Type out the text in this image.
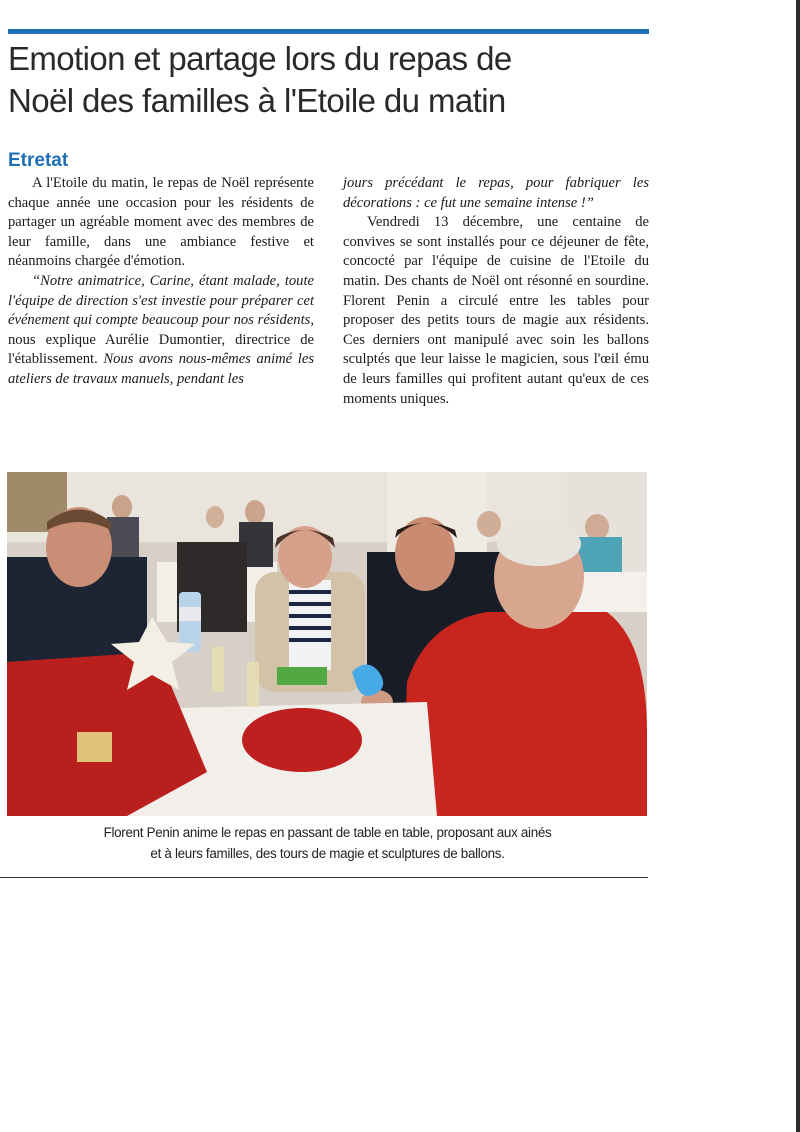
Emotion et partage lors du repas de
Noël des familles à l'Etoile du matin
Etretat

A l'Etoile du matin, le repas de Noël représente chaque année une occasion pour les résidents de partager un agréable moment avec des membres de leur famille, dans une ambiance festive et néanmoins chargée d'émotion.

“Notre animatrice, Carine, étant malade, toute l'équipe de direction s'est investie pour préparer cet événement qui compte beaucoup pour nos résidents, nous explique Aurélie Dumontier, directrice de l'établissement. Nous avons nous-mêmes animé les ateliers de travaux manuels, pendant les

jours précédant le repas, pour fabriquer les décorations : ce fut une semaine intense !”

Vendredi 13 décembre, une centaine de convives se sont installés pour ce déjeuner de fête, concocté par l'équipe de cuisine de l'Etoile du matin. Des chants de Noël ont résonné en sourdine. Florent Penin a circulé entre les tables pour proposer des petits tours de magie aux résidents. Ces derniers ont manipulé avec soin les ballons sculptés que leur laisse le magicien, sous l'œil ému de leurs familles qui profitent autant qu'eux de ces moments uniques.

Florent Penin anime le repas en passant de table en table, proposant aux ainés
et à leurs familles, des tours de magie et sculptures de ballons.
